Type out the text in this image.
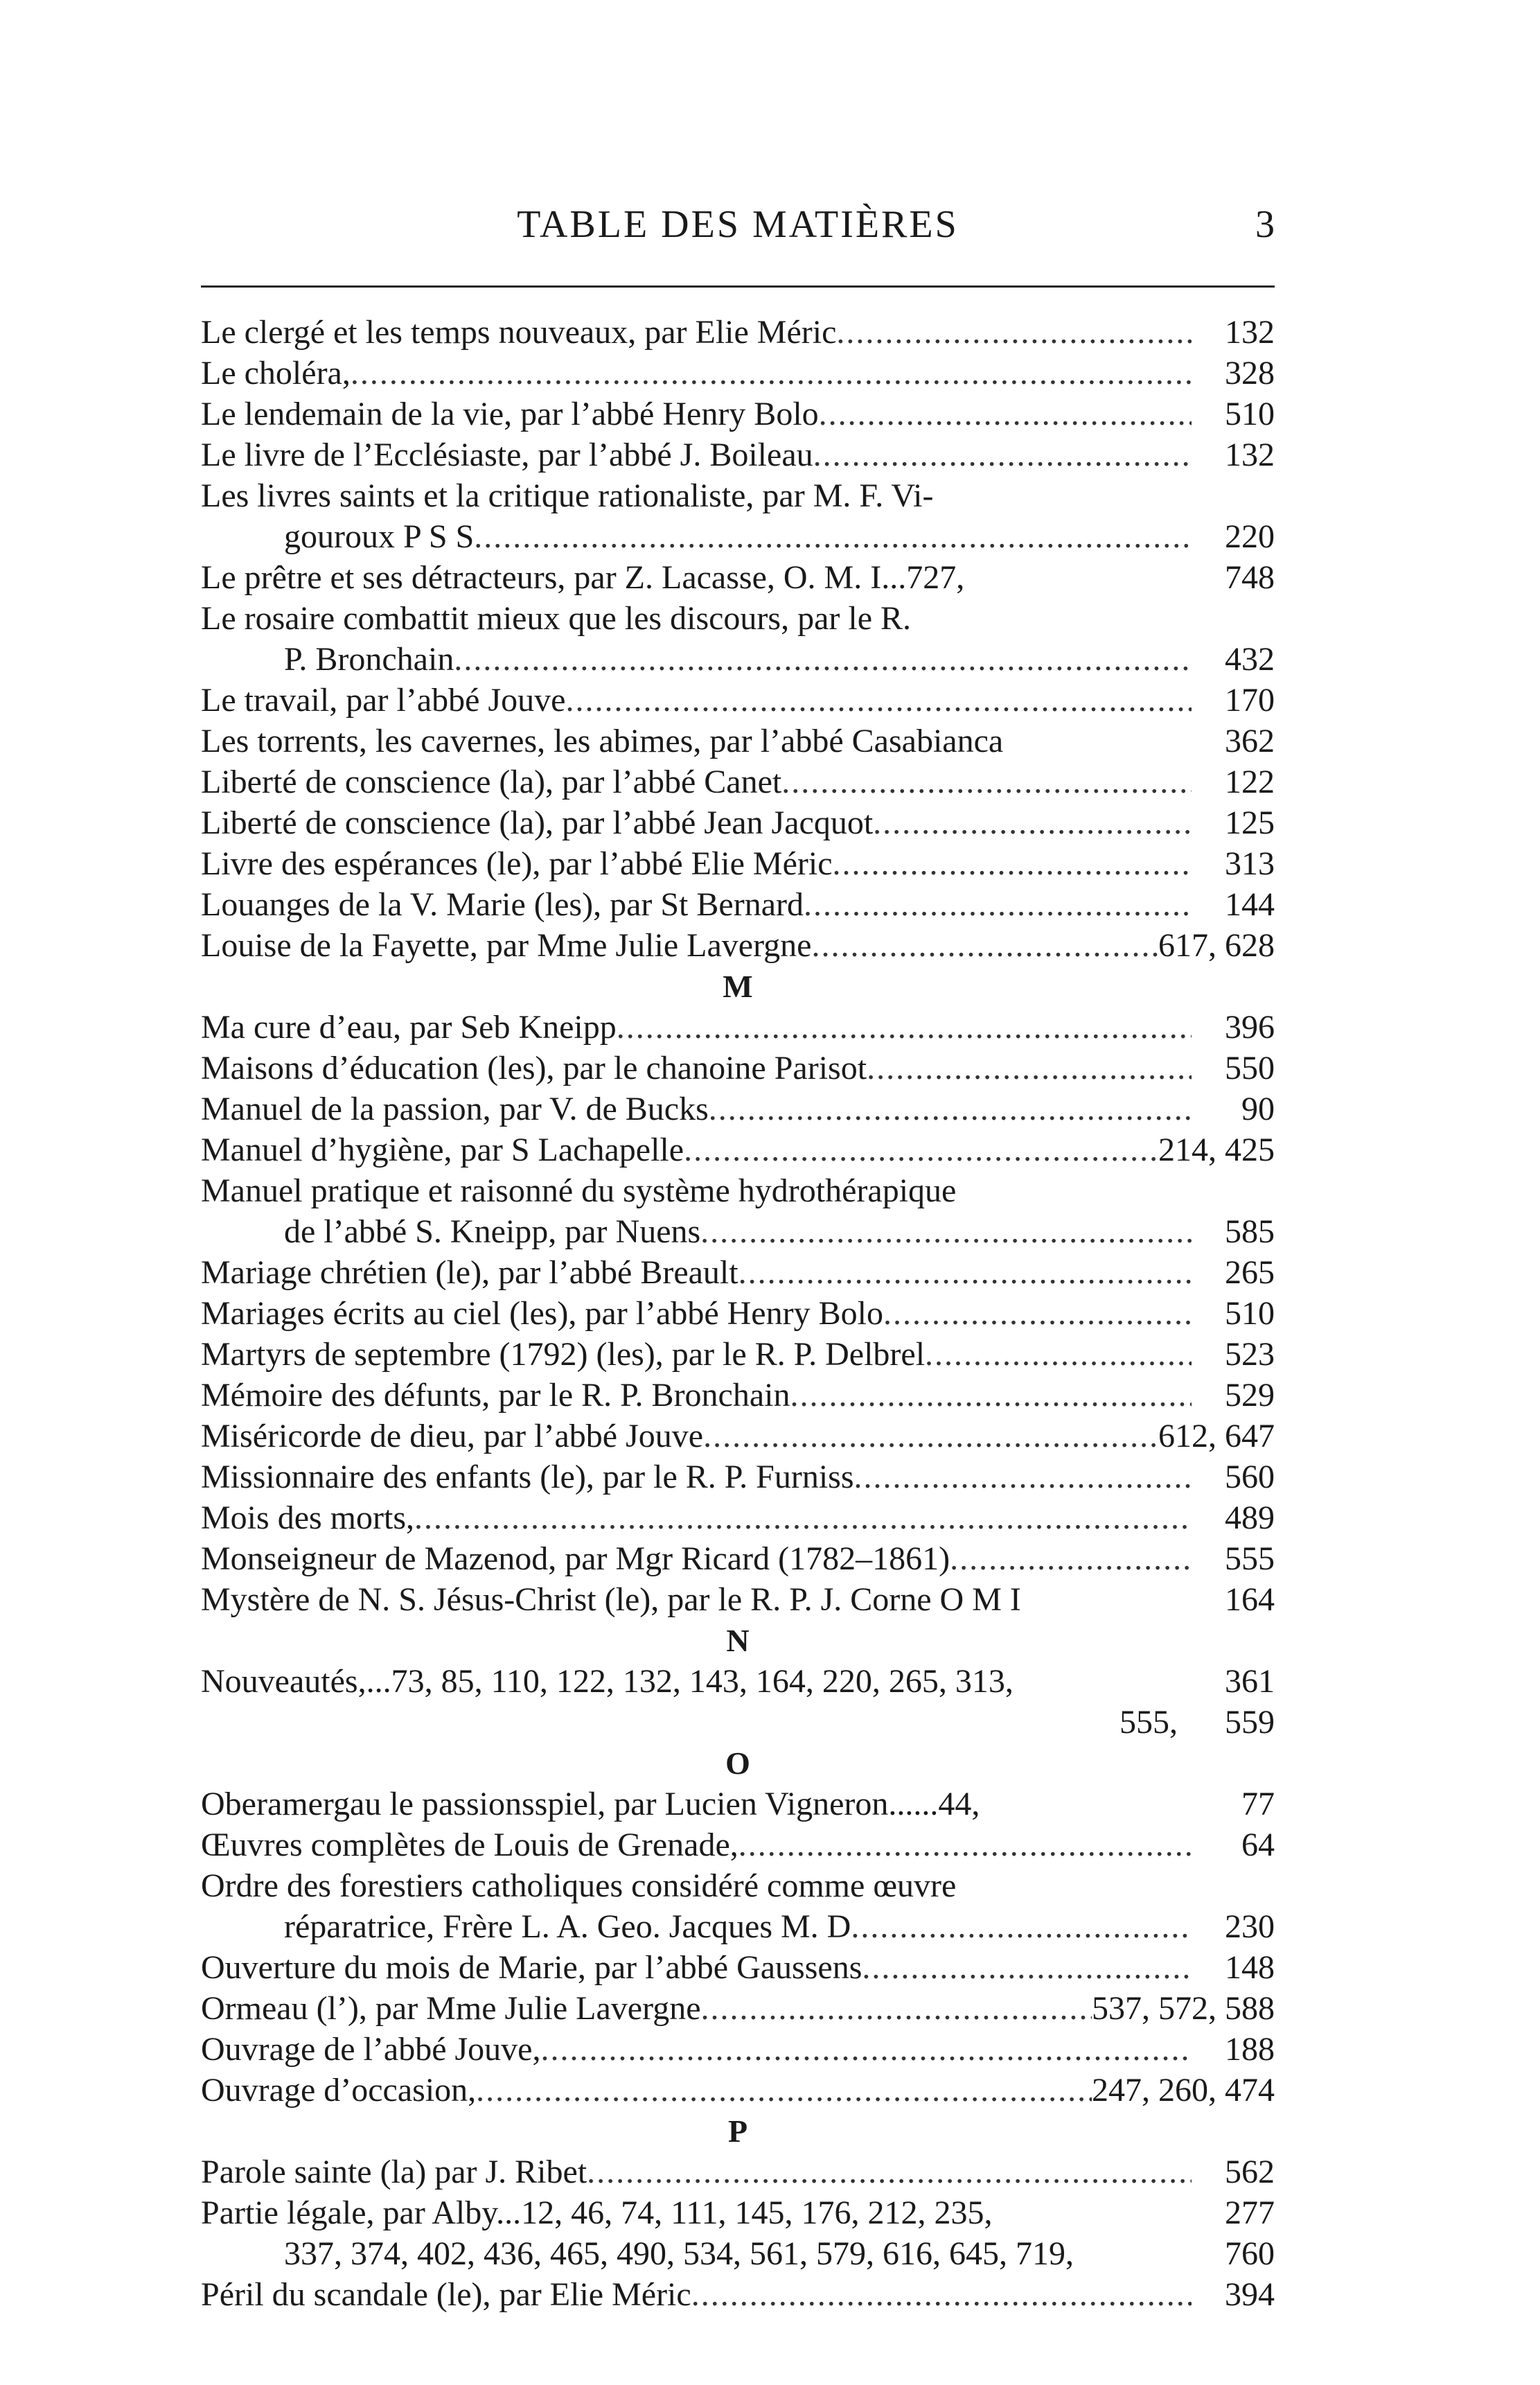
TABLE DES MATIÈRES	3
Le clergé et les temps nouveaux, par Elie Méric .....	132
Le choléra, .....	328
Le lendemain de la vie, par l’abbé Henry Bolo .....	510
Le livre de l’Ecclésiaste, par l’abbé J. Boileau .....	132
Les livres saints et la critique rationaliste, par M. F. Vi-
gouroux P S S .....	220
Le prêtre et ses détracteurs, par Z. Lacasse, O. M. I...727,	748
Le rosaire combattit mieux que les discours, par le R.
P. Bronchain .....	432
Le travail, par l’abbé Jouve .....	170
Les torrents, les cavernes, les abimes, par l’abbé Casabianca	362
Liberté de conscience (la), par l’abbé Canet .....	122
Liberté de conscience (la), par l’abbé Jean Jacquot .....	125
Livre des espérances (le), par l’abbé Elie Méric .....	313
Louanges de la V. Marie (les), par St Bernard .....	144
Louise de la Fayette, par Mme Julie Lavergne .....	617, 628
M
Ma cure d’eau, par Seb Kneipp .....	396
Maisons d’éducation (les), par le chanoine Parisot .....	550
Manuel de la passion, par V. de Bucks .....	90
Manuel d’hygiène, par S Lachapelle .....	214, 425
Manuel pratique et raisonné du système hydrothérapique
de l’abbé S. Kneipp, par Nuens .....	585
Mariage chrétien (le), par l’abbé Breault .....	265
Mariages écrits au ciel (les), par l’abbé Henry Bolo .....	510
Martyrs de septembre (1792) (les), par le R. P. Delbrel .....	523
Mémoire des défunts, par le R. P. Bronchain .....	529
Miséricorde de dieu, par l’abbé Jouve .....	612, 647
Missionnaire des enfants (le), par le R. P. Furniss .....	560
Mois des morts, .....	489
Monseigneur de Mazenod, par Mgr Ricard (1782–1861) .....	555
Mystère de N. S. Jésus-Christ (le), par le R. P. J. Corne O M I	164
N
Nouveautés,...73, 85, 110, 122, 132, 143, 164, 220, 265, 313,	361
555,	559
O
Oberamergau le passionsspiel, par Lucien Vigneron......44,	77
Œuvres complètes de Louis de Grenade, .....	64
Ordre des forestiers catholiques considéré comme œuvre
réparatrice, Frère L. A. Geo. Jacques M. D .....	230
Ouverture du mois de Marie, par l’abbé Gaussens .....	148
Ormeau (l’), par Mme Julie Lavergne .....	537, 572, 588
Ouvrage de l’abbé Jouve, .....	188
Ouvrage d’occasion, .....	247, 260, 474
P
Parole sainte (la) par J. Ribet .....	562
Partie légale, par Alby...12, 46, 74, 111, 145, 176, 212, 235,	277
337, 374, 402, 436, 465, 490, 534, 561, 579, 616, 645, 719,	760
Péril du scandale (le), par Elie Méric .....	394
